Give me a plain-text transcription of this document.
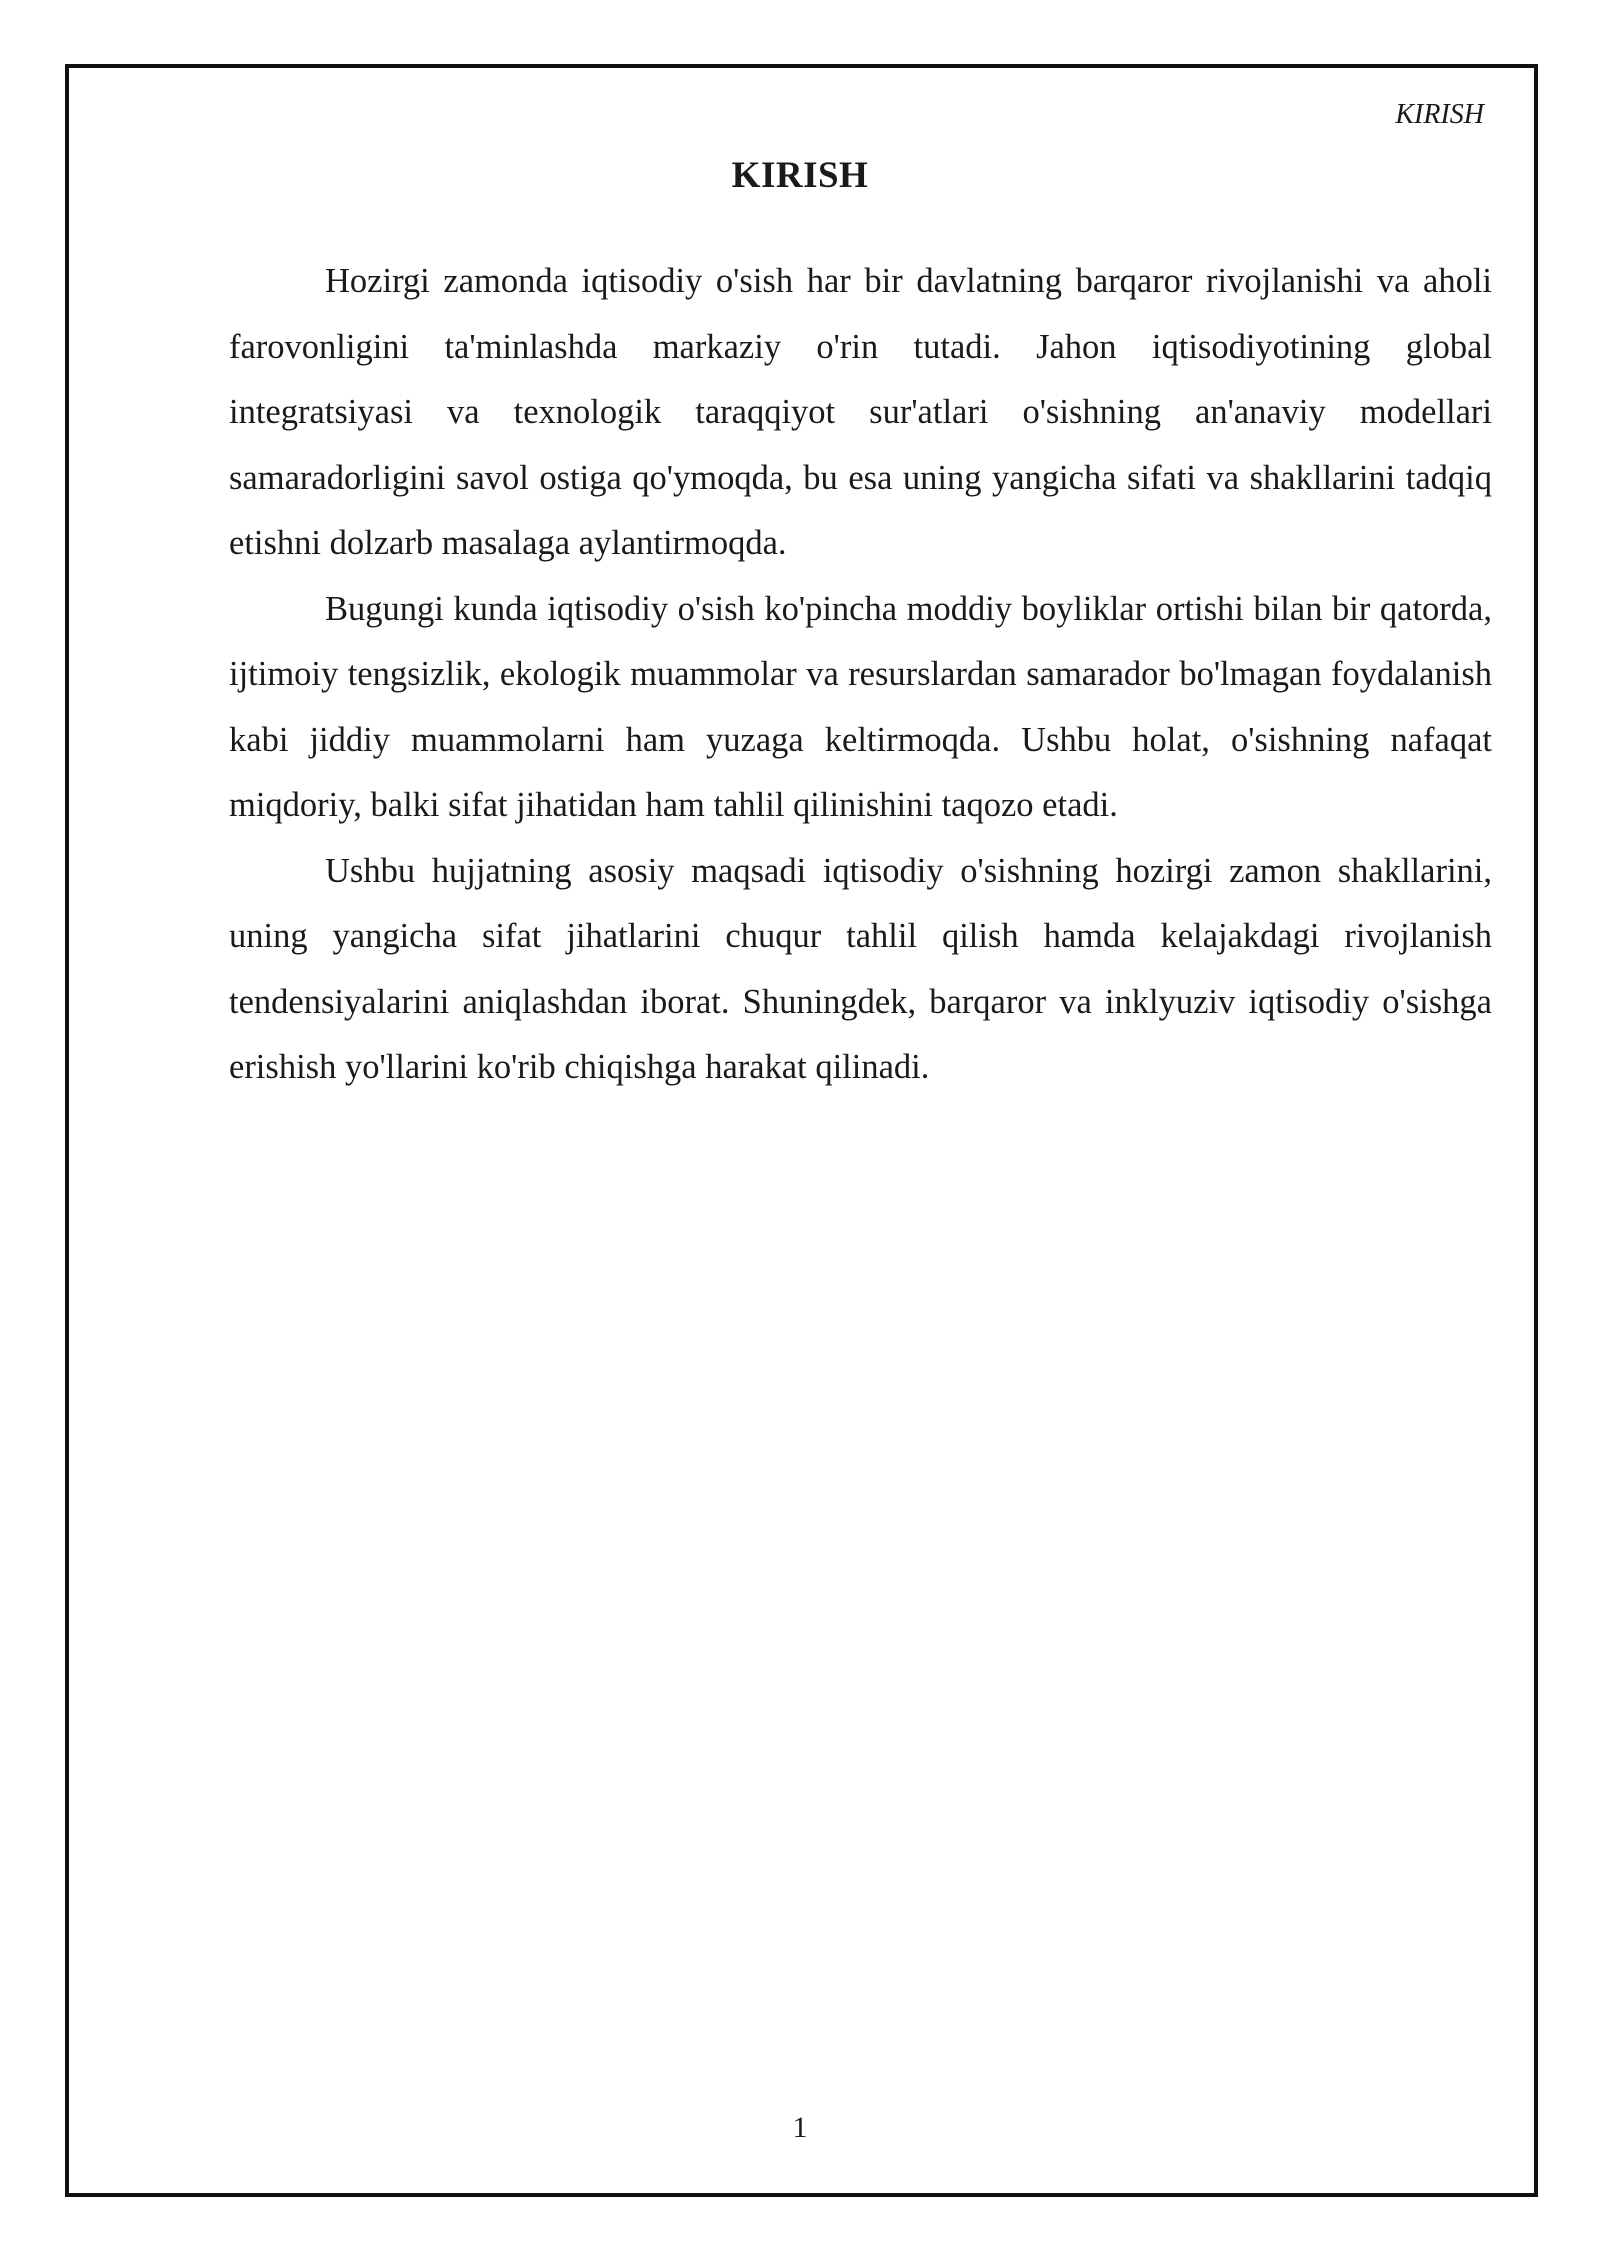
KIRISH
KIRISH

Hozirgi zamonda iqtisodiy o'sish har bir davlatning barqaror rivojlanishi va aholi farovonligini ta'minlashda markaziy o'rin tutadi. Jahon iqtisodiyotining global integratsiyasi va texnologik taraqqiyot sur'atlari o'sishning an'anaviy modellari samaradorligini savol ostiga qo'ymoqda, bu esa uning yangicha sifati va shakllarini tadqiq etishni dolzarb masalaga aylantirmoqda.

Bugungi kunda iqtisodiy o'sish ko'pincha moddiy boyliklar ortishi bilan bir qatorda, ijtimoiy tengsizlik, ekologik muammolar va resurslardan samarador bo'lmagan foydalanish kabi jiddiy muammolarni ham yuzaga keltirmoqda. Ushbu holat, o'sishning nafaqat miqdoriy, balki sifat jihatidan ham tahlil qilinishini taqozo etadi.

Ushbu hujjatning asosiy maqsadi iqtisodiy o'sishning hozirgi zamon shakllarini, uning yangicha sifat jihatlarini chuqur tahlil qilish hamda kelajakdagi rivojlanish tendensiyalarini aniqlashdan iborat. Shuningdek, barqaror va inklyuziv iqtisodiy o'sishga erishish yo'llarini ko'rib chiqishga harakat qilinadi.

1
